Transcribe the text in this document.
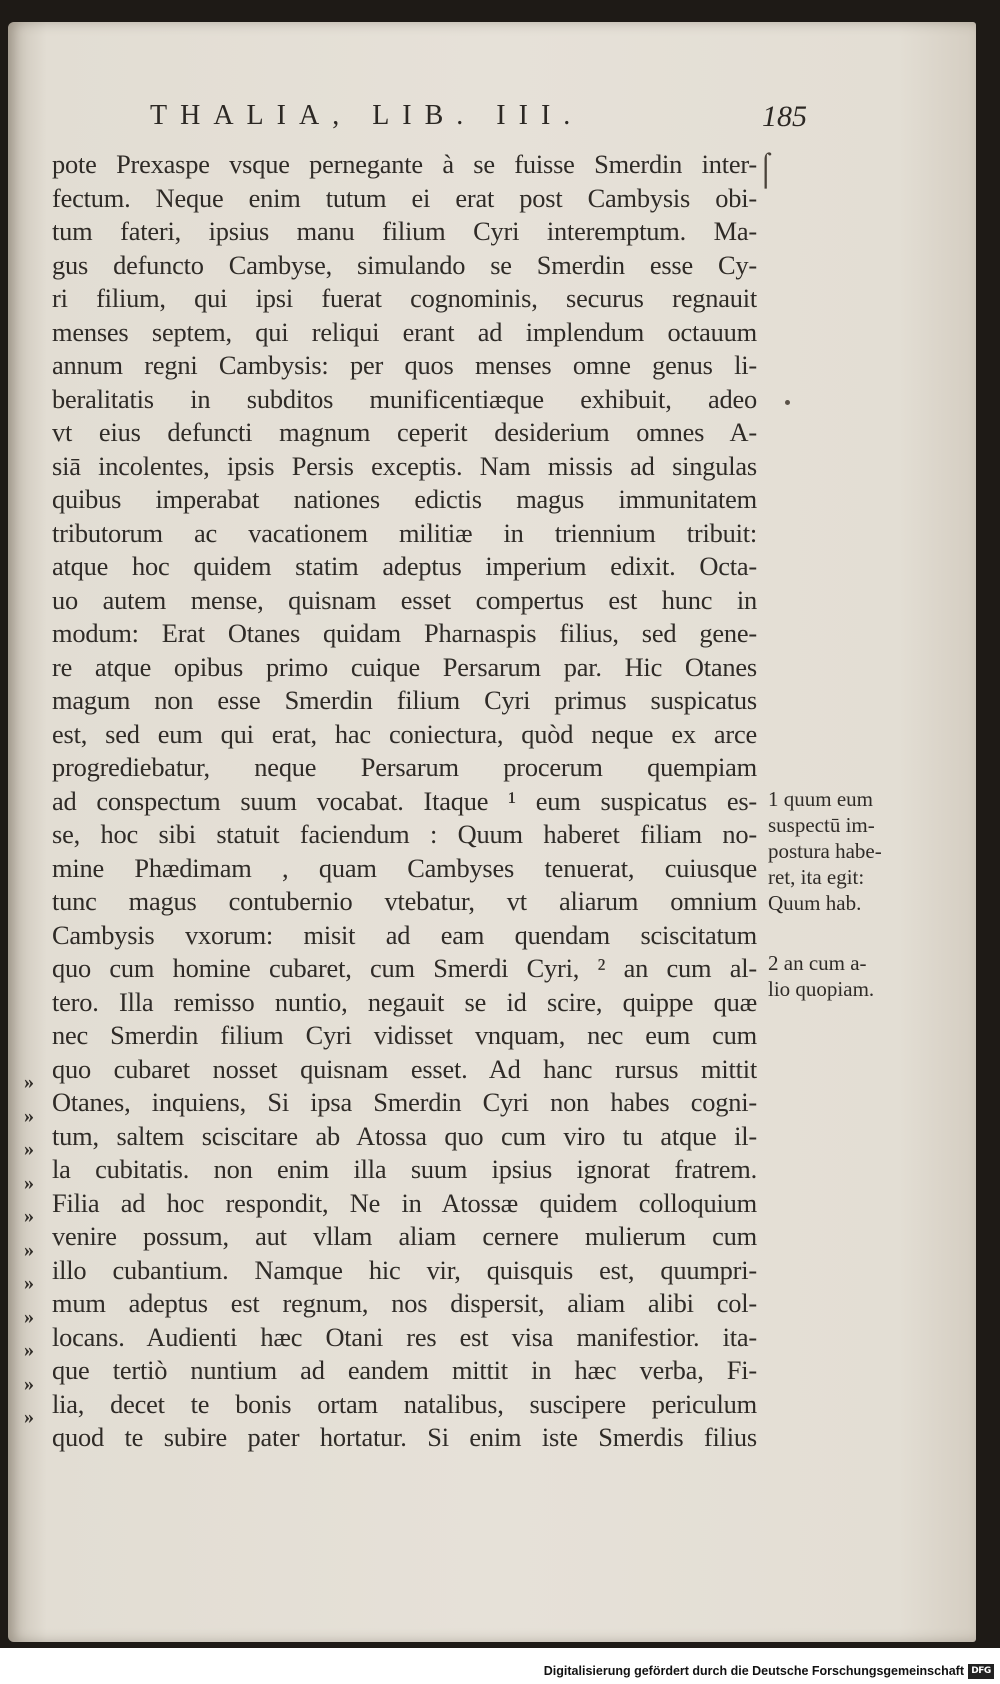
THALIA, LIB. III.	185
⌠
pote Prexaspe vsque pernegante à se fuisse Smerdin inter-
fectum. Neque enim tutum ei erat post Cambysis obi-
tum fateri, ipsius manu filium Cyri interemptum. Ma-
gus defuncto Cambyse, simulando se Smerdin esse Cy-
ri filium, qui ipsi fuerat cognominis, securus regnauit
menses septem, qui reliqui erant ad implendum octauum
annum regni Cambysis: per quos menses omne genus li-
beralitatis in subditos munificentiæque exhibuit, adeo
vt eius defuncti magnum ceperit desiderium omnes A-
siā incolentes, ipsis Persis exceptis. Nam missis ad singulas
quibus imperabat nationes edictis magus immunitatem
tributorum ac vacationem militiæ in triennium tribuit:
atque hoc quidem statim adeptus imperium edixit. Octa-
uo autem mense, quisnam esset compertus est hunc in
modum: Erat Otanes quidam Pharnaspis filius, sed gene-
re atque opibus primo cuique Persarum par. Hic Otanes
magum non esse Smerdin filium Cyri primus suspicatus
est, sed eum qui erat, hac coniectura, quòd neque ex arce
progrediebatur, neque Persarum procerum quempiam
ad conspectum suum vocabat. Itaque ¹ eum suspicatus es-
se, hoc sibi statuit faciendum : Quum haberet filiam no-
mine Phædimam , quam Cambyses tenuerat, cuiusque
tunc magus contubernio vtebatur, vt aliarum omnium
Cambysis vxorum: misit ad eam quendam sciscitatum
quo cum homine cubaret, cum Smerdi Cyri, ² an cum al-
tero. Illa remisso nuntio, negauit se id scire, quippe quæ
nec Smerdin filium Cyri vidisset vnquam, nec eum cum
quo cubaret nosset quisnam esset. Ad hanc rursus mittit
Otanes, inquiens, Si ipsa Smerdin Cyri non habes cogni-
tum, saltem sciscitare ab Atossa quo cum viro tu atque il-
la cubitatis. non enim illa suum ipsius ignorat fratrem.
Filia ad hoc respondit, Ne in Atossæ quidem colloquium
venire possum, aut vllam aliam cernere mulierum cum
illo cubantium. Namque hic vir, quisquis est, quumpri-
mum adeptus est regnum, nos dispersit, aliam alibi col-
locans. Audienti hæc Otani res est visa manifestior. ita-
que tertiò nuntium ad eandem mittit in hæc verba, Fi-
lia, decet te bonis ortam natalibus, suscipere periculum
quod te subire pater hortatur. Si enim iste Smerdis filius
»
»
»
»
»
»
»
»
»
»
»
1 quum eum
suspectū im-
postura habe-
ret, ita egit:
Quum hab.
2 an cum a-
lio quopiam.
Digitalisierung gefördert durch die Deutsche Forschungsgemeinschaft DFG
